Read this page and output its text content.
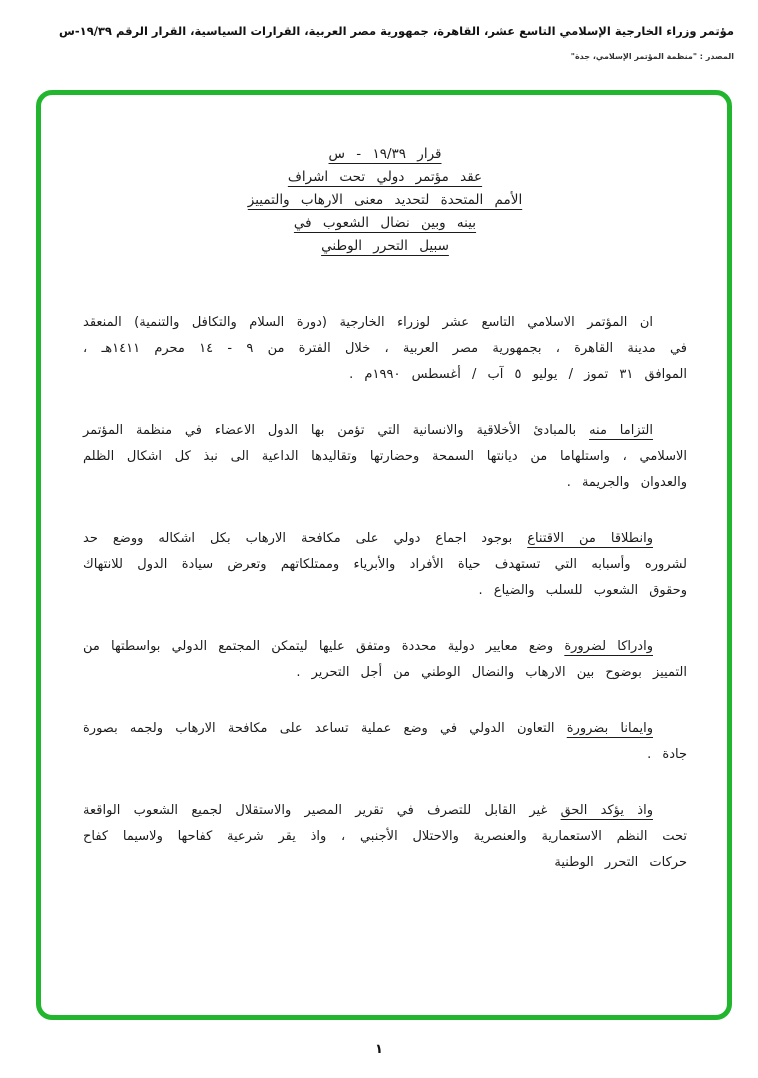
مؤتمر وزراء الخارجية الإسلامي التاسع عشر، القاهرة، جمهورية مصر العربية، القرارات السياسية، القرار الرقم ١٩/٣٩-س
المصدر : "منظمة المؤتمر الإسلامي، جدة"
قرار ١٩/٣٩ - س
عقد مؤتمر دولي تحت اشراف
الأمم المتحدة لتحديد معنى الارهاب والتمييز
بينه وبين نضال الشعوب في
سبيل التحرر الوطني

ان المؤتمر الاسلامي التاسع عشر لوزراء الخارجية (دورة السلام والتكافل والتنمية) المنعقد في مدينة القاهرة ، بجمهورية مصر العربية ، خلال الفترة من ٩ - ١٤ محرم ١٤١١هـ ، الموافق ٣١ تموز / يوليو ٥ آب / أغسطس ١٩٩٠م .

التزاما منه بالمبادئ الأخلاقية والانسانية التي تؤمن بها الدول الاعضاء في منظمة المؤتمر الاسلامي ، واستلهاما من ديانتها السمحة وحضارتها وتقاليدها الداعية الى نبذ كل اشكال الظلم والعدوان والجريمة .

وانطلاقا من الاقتناع بوجود اجماع دولي على مكافحة الارهاب بكل اشكاله ووضع حد لشروره وأسبابه التي تستهدف حياة الأفراد والأبرياء وممتلكاتهم وتعرض سيادة الدول للانتهاك وحقوق الشعوب للسلب والضياع .

وادراكا لضرورة وضع معايير دولية محددة ومتفق عليها ليتمكن المجتمع الدولي بواسطتها من التمييز بوضوح بين الارهاب والنضال الوطني من أجل التحرير .

وايمانا بضرورة التعاون الدولي في وضع عملية تساعد على مكافحة الارهاب ولجمه بصورة جادة .

واذ يؤكد الحق غير القابل للتصرف في تقرير المصير والاستقلال لجميع الشعوب الواقعة تحت النظم الاستعمارية والعنصرية والاحتلال الأجنبي ، واذ يقر شرعية كفاحها ولاسيما كفاح حركات التحرر الوطنية

١
